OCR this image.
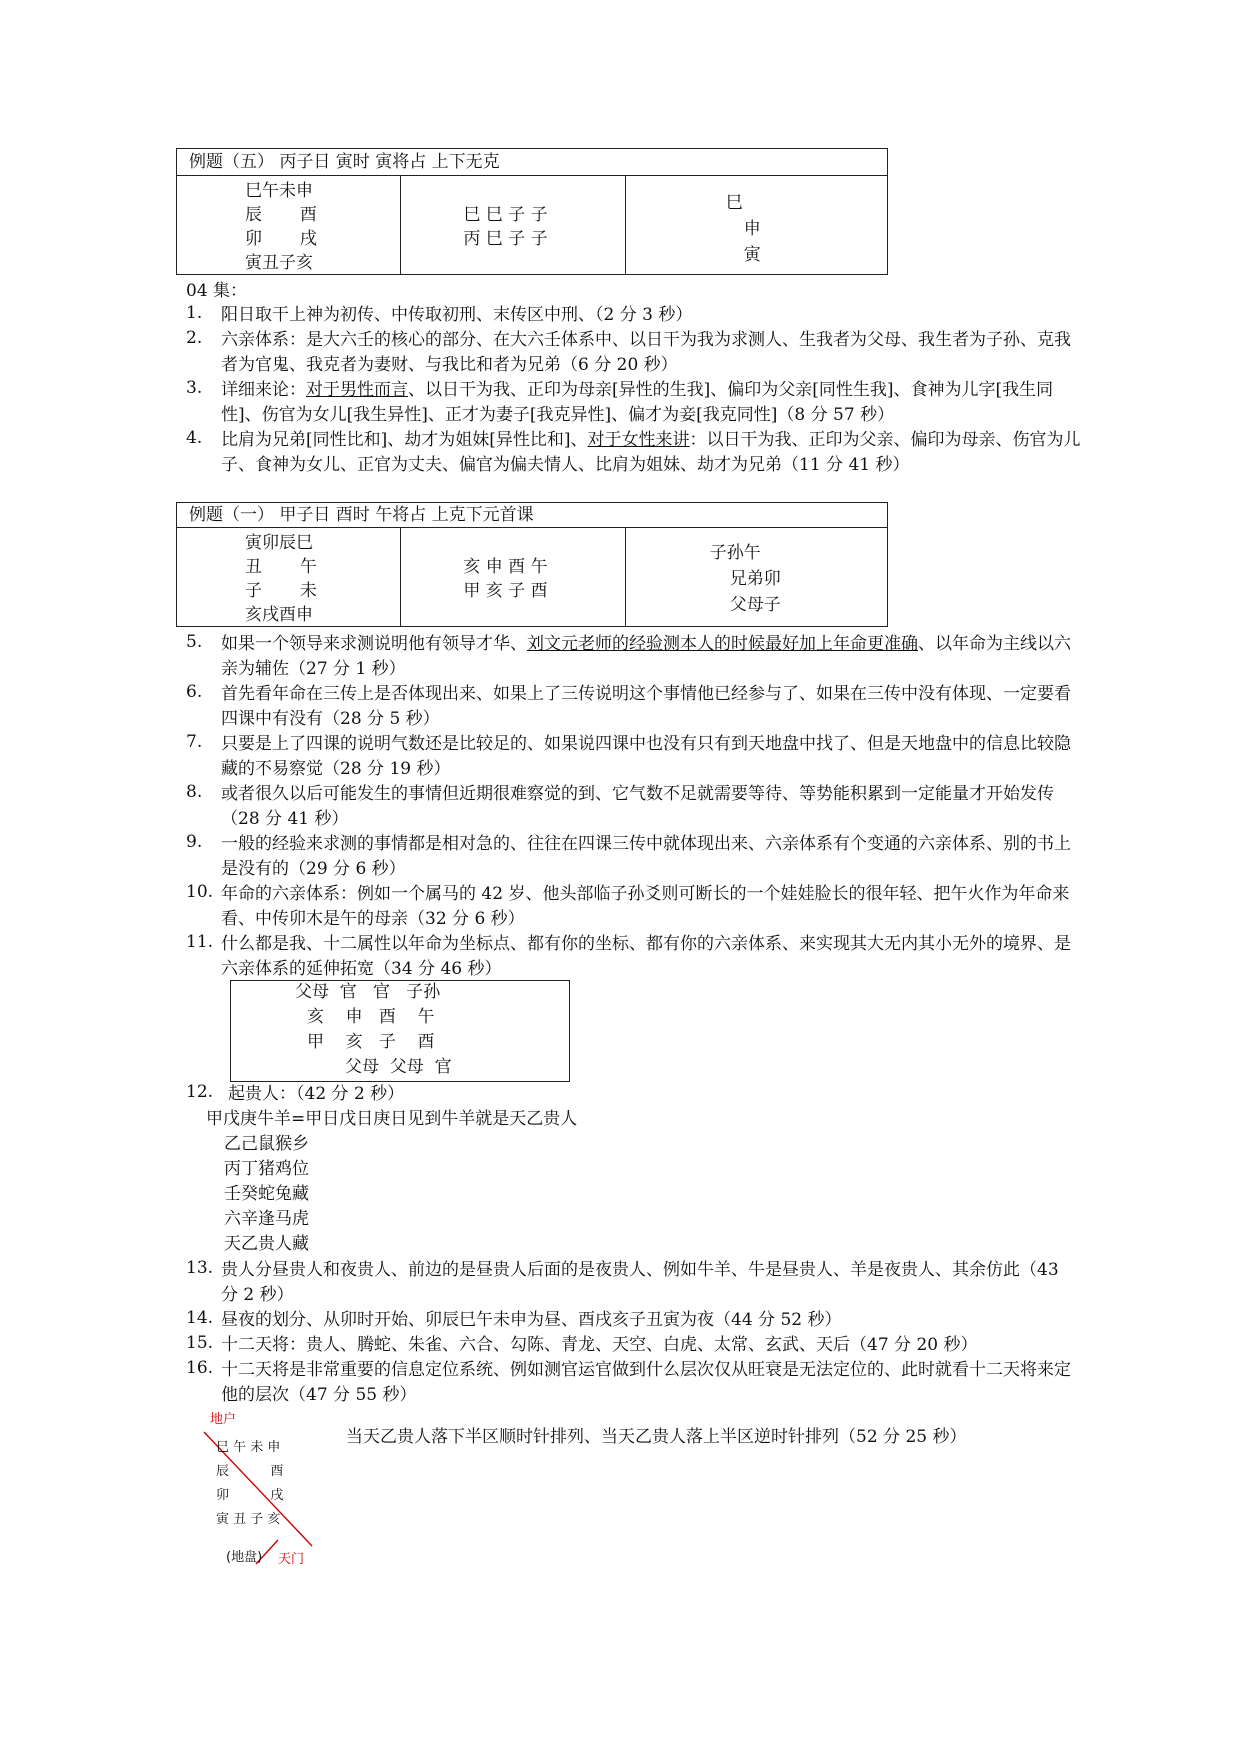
例题（五） 丙子日 寅时 寅将占 上下无克

巳午未申
辰       酉
卯       戌
寅丑子亥

巳 巳 子 子
丙 巳 子 子

巳
申
寅
04 集：
1. 阳日取干上神为初传、中传取初刑、末传区中刑、（2 分 3 秒）
2. 六亲体系：是大六壬的核心的部分、在大六壬体系中、以日干为我为求测人、生我者为父母、我生者为子孙、克我者为官鬼、我克者为妻财、与我比和者为兄弟（6 分 20 秒）
3. 详细来论：对于男性而言、以日干为我、正印为母亲[异性的生我]、偏印为父亲[同性生我]、食神为儿字[我生同性]、伤官为女儿[我生异性]、正才为妻子[我克异性]、偏才为妾[我克同性]（8 分 57 秒）
4. 比肩为兄弟[同性比和]、劫才为姐妹[异性比和]、对于女性来讲：以日干为我、正印为父亲、偏印为母亲、伤官为儿子、食神为女儿、正官为丈夫、偏官为偏夫情人、比肩为姐妹、劫才为兄弟（11 分 41 秒）
例题（一） 甲子日 酉时 午将占 上克下元首课

寅卯辰巳
丑       午
子       未
亥戌酉申

亥 申 酉 午
甲 亥 子 酉

子孙午
兄弟卯
父母子
5. 如果一个领导来求测说明他有领导才华、刘文元老师的经验测本人的时候最好加上年命更准确、以年命为主线以六亲为辅佐（27 分 1 秒）
6. 首先看年命在三传上是否体现出来、如果上了三传说明这个事情他已经参与了、如果在三传中没有体现、一定要看四课中有没有（28 分 5 秒）
7. 只要是上了四课的说明气数还是比较足的、如果说四课中也没有只有到天地盘中找了、但是天地盘中的信息比较隐藏的不易察觉（28 分 19 秒）
8. 或者很久以后可能发生的事情但近期很难察觉的到、它气数不足就需要等待、等势能积累到一定能量才开始发传（28 分 41 秒）
9. 一般的经验来求测的事情都是相对急的、往往在四课三传中就体现出来、六亲体系有个变通的六亲体系、别的书上是没有的（29 分 6 秒）
10. 年命的六亲体系：例如一个属马的 42 岁、他头部临子孙爻则可断长的一个娃娃脸长的很年轻、把午火作为年命来看、中传卯木是午的母亲（32 分 6 秒）
11. 什么都是我、十二属性以年命为坐标点、都有你的坐标、都有你的六亲体系、来实现其大无内其小无外的境界、是六亲体系的延伸拓宽（34 分 46 秒）
父母  官   官   子孙
亥    申   酉    午
甲    亥   子    酉
父母  父母  官
12. 起贵人：（42 分 2 秒）
甲戊庚牛羊=甲日戊日庚日见到牛羊就是天乙贵人
乙己鼠猴乡
丙丁猪鸡位
壬癸蛇兔藏
六辛逢马虎
天乙贵人藏
13. 贵人分昼贵人和夜贵人、前边的是昼贵人后面的是夜贵人、例如牛羊、牛是昼贵人、羊是夜贵人、其余仿此（43 分 2 秒）
14. 昼夜的划分、从卯时开始、卯辰巳午未申为昼、酉戌亥子丑寅为夜（44 分 52 秒）
15. 十二天将：贵人、腾蛇、朱雀、六合、勾陈、青龙、天空、白虎、太常、玄武、天后（47 分 20 秒）
16. 十二天将是非常重要的信息定位系统、例如测官运官做到什么层次仅从旺衰是无法定位的、此时就看十二天将来定他的层次（47 分 55 秒）
地户
巳 午 未 申
辰          酉
卯          戌
寅 丑 子 亥
(地盘) 天门
当天乙贵人落下半区顺时针排列、当天乙贵人落上半区逆时针排列（52 分 25 秒）
